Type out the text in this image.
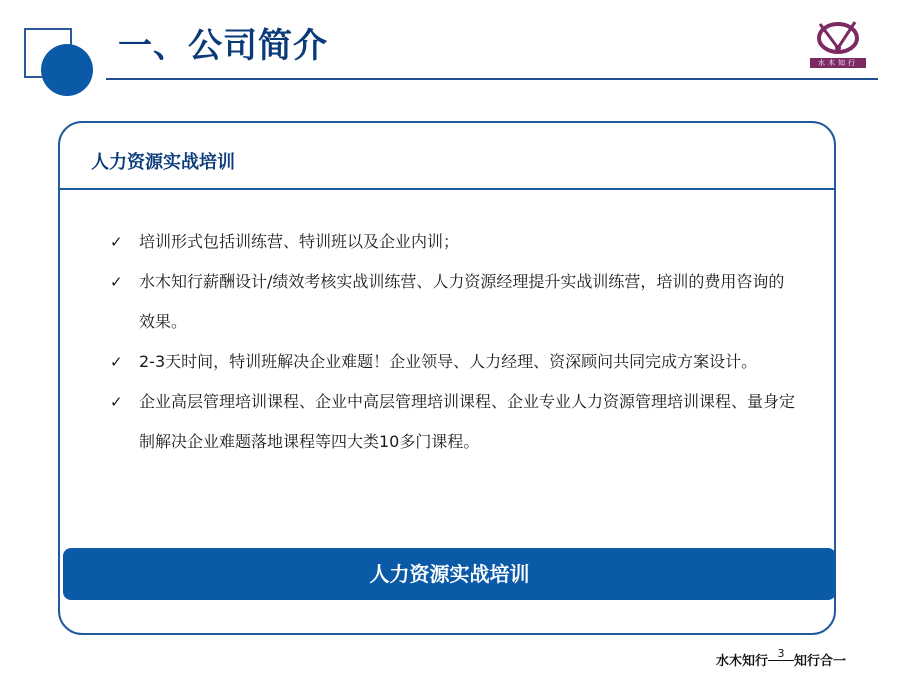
一、公司简介	水木知行
人力资源实战培训
✓ 培训形式包括训练营、特训班以及企业内训；
✓ 水木知行薪酬设计/绩效考核实战训练营、人力资源经理提升实战训练营，培训的费用咨询的效果。
✓ 2-3天时间，特训班解决企业难题！企业领导、人力经理、资深顾问共同完成方案设计。
✓ 企业高层管理培训课程、企业中高层管理培训课程、企业专业人力资源管理培训课程、量身定制解决企业难题落地课程等四大类10多门课程。
人力资源实战培训
水木知行3知行合一
